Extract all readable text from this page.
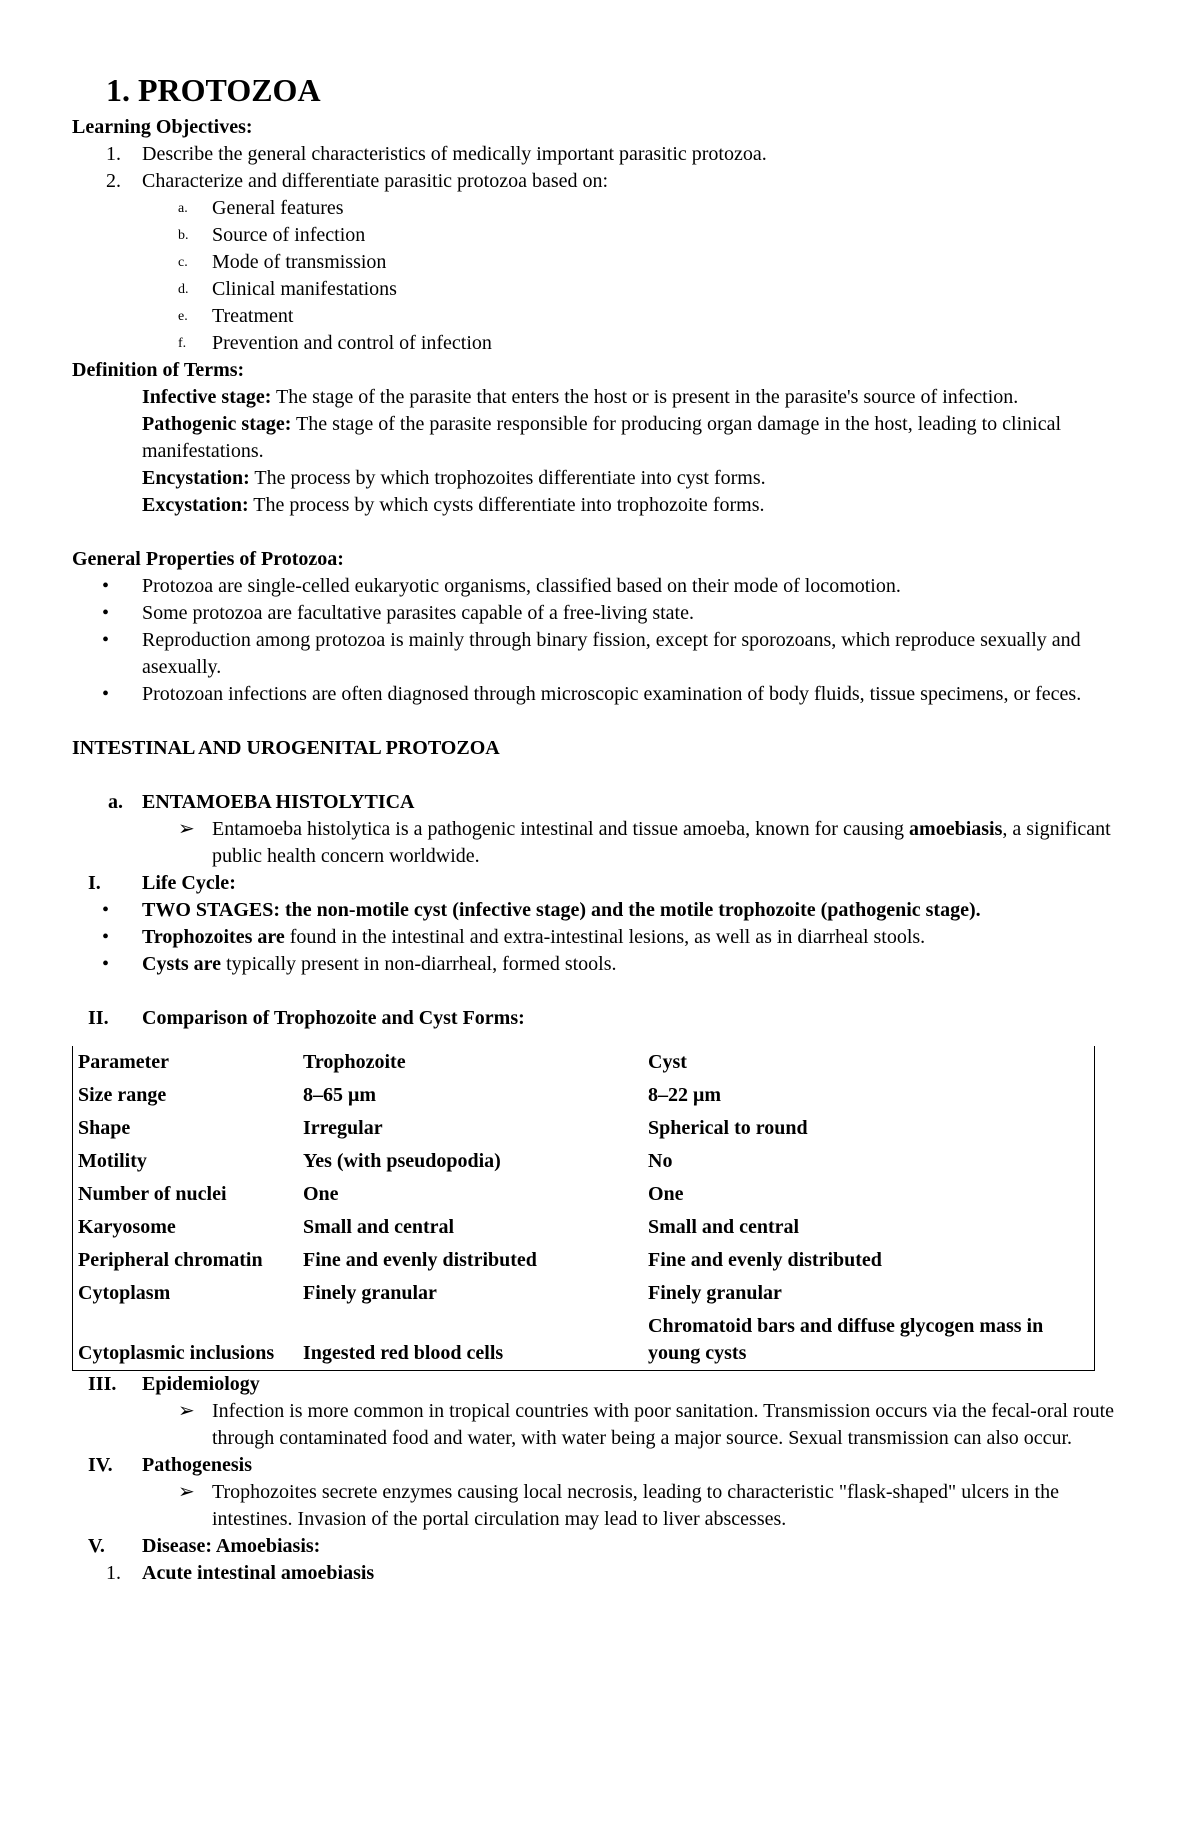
1. PROTOZOA
Learning Objectives:
1. Describe the general characteristics of medically important parasitic protozoa.
2. Characterize and differentiate parasitic protozoa based on:
a. General features
b. Source of infection
c. Mode of transmission
d. Clinical manifestations
e. Treatment
f. Prevention and control of infection
Definition of Terms:

Infective stage: The stage of the parasite that enters the host or is present in the parasite's source of infection.

Pathogenic stage: The stage of the parasite responsible for producing organ damage in the host, leading to clinical manifestations.

Encystation: The process by which trophozoites differentiate into cyst forms.

Excystation: The process by which cysts differentiate into trophozoite forms.

General Properties of Protozoa:
• Protozoa are single-celled eukaryotic organisms, classified based on their mode of locomotion.
• Some protozoa are facultative parasites capable of a free-living state.
• Reproduction among protozoa is mainly through binary fission, except for sporozoans, which reproduce sexually and asexually.
• Protozoan infections are often diagnosed through microscopic examination of body fluids, tissue specimens, or feces.
INTESTINAL AND UROGENITAL PROTOZOA
a. ENTAMOEBA HISTOLYTICA
➢ Entamoeba histolytica is a pathogenic intestinal and tissue amoeba, known for causing amoebiasis, a significant public health concern worldwide.
I. Life Cycle:
• TWO STAGES: the non-motile cyst (infective stage) and the motile trophozoite (pathogenic stage).
• Trophozoites are found in the intestinal and extra-intestinal lesions, as well as in diarrheal stools.
• Cysts are typically present in non-diarrheal, formed stools.
II. Comparison of Trophozoite and Cyst Forms:
Parameter	Trophozoite	Cyst
Size range	8–65 μm	8–22 μm
Shape	Irregular	Spherical to round
Motility	Yes (with pseudopodia)	No
Number of nuclei	One	One
Karyosome	Small and central	Small and central
Peripheral chromatin	Fine and evenly distributed	Fine and evenly distributed
Cytoplasm	Finely granular	Finely granular
Cytoplasmic inclusions	Ingested red blood cells	Chromatoid bars and diffuse glycogen mass in young cysts
III. Epidemiology
➢ Infection is more common in tropical countries with poor sanitation. Transmission occurs via the fecal-oral route through contaminated food and water, with water being a major source. Sexual transmission can also occur.
IV. Pathogenesis
➢ Trophozoites secrete enzymes causing local necrosis, leading to characteristic "flask-shaped" ulcers in the intestines. Invasion of the portal circulation may lead to liver abscesses.
V. Disease: Amoebiasis:
1. Acute intestinal amoebiasis
